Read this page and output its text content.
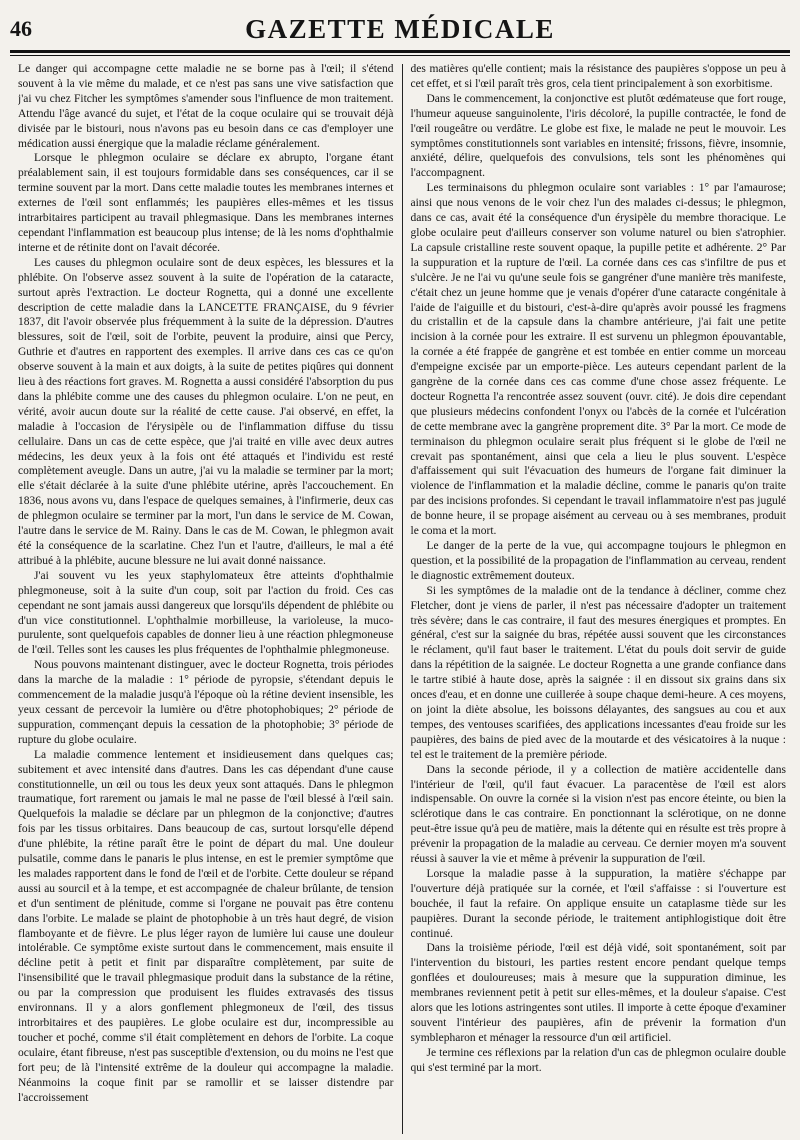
46	GAZETTE MÉDICALE

Le danger qui accompagne cette maladie ne se borne pas à l'œil; il s'étend souvent à la vie même du malade, et ce n'est pas sans une vive satisfaction que j'ai vu chez Fitcher les symptômes s'amender sous l'influence de mon traitement. Attendu l'âge avancé du sujet, et l'état de la coque oculaire qui se trouvait déjà divisée par le bistouri, nous n'avons pas eu besoin dans ce cas d'employer une médication aussi énergique que la maladie réclame généralement.

Lorsque le phlegmon oculaire se déclare ex abrupto, l'organe étant préalablement sain, il est toujours formidable dans ses conséquences, car il se termine souvent par la mort. Dans cette maladie toutes les membranes internes et externes de l'œil sont enflammés; les paupières elles-mêmes et les tissus intrarbitaires participent au travail phlegmasique. Dans les membranes internes cependant l'inflammation est beaucoup plus intense; de là les noms d'ophthalmie interne et de rétinite dont on l'avait décorée.

Les causes du phlegmon oculaire sont de deux espèces, les blessures et la phlébite. On l'observe assez souvent à la suite de l'opération de la cataracte, surtout après l'extraction. Le docteur Rognetta, qui a donné une excellente description de cette maladie dans la LANCETTE FRANÇAISE, du 9 février 1837, dit l'avoir observée plus fréquemment à la suite de la dépression. D'autres blessures, soit de l'œil, soit de l'orbite, peuvent la produire, ainsi que Percy, Guthrie et d'autres en rapportent des exemples. Il arrive dans ces cas ce qu'on observe souvent à la main et aux doigts, à la suite de petites piqûres qui donnent lieu à des réactions fort graves. M. Rognetta a aussi considéré l'absorption du pus dans la phlébite comme une des causes du phlegmon oculaire. L'on ne peut, en vérité, avoir aucun doute sur la réalité de cette cause. J'ai observé, en effet, la maladie à l'occasion de l'érysipèle ou de l'inflammation diffuse du tissu cellulaire. Dans un cas de cette espèce, que j'ai traité en ville avec deux autres médecins, les deux yeux à la fois ont été attaqués et l'individu est resté complètement aveugle. Dans un autre, j'ai vu la maladie se terminer par la mort; elle s'était déclarée à la suite d'une phlébite utérine, après l'accouchement. En 1836, nous avons vu, dans l'espace de quelques semaines, à l'infirmerie, deux cas de phlegmon oculaire se terminer par la mort, l'un dans le service de M. Cowan, l'autre dans le service de M. Rainy. Dans le cas de M. Cowan, le phlegmon avait été la conséquence de la scarlatine. Chez l'un et l'autre, d'ailleurs, le mal a été attribué à la phlébite, aucune blessure ne lui avait donné naissance.

J'ai souvent vu les yeux staphylomateux être atteints d'ophthalmie phlegmoneuse, soit à la suite d'un coup, soit par l'action du froid. Ces cas cependant ne sont jamais aussi dangereux que lorsqu'ils dépendent de phlébite ou d'un vice constitutionnel. L'ophthalmie morbilleuse, la varioleuse, la muco-purulente, sont quelquefois capables de donner lieu à une réaction phlegmoneuse de l'œil. Telles sont les causes les plus fréquentes de l'ophthalmie phlegmoneuse.

Nous pouvons maintenant distinguer, avec le docteur Rognetta, trois périodes dans la marche de la maladie : 1° période de pyropsie, s'étendant depuis le commencement de la maladie jusqu'à l'époque où la rétine devient insensible, les yeux cessant de percevoir la lumière ou d'être photophobiques; 2° période de suppuration, commençant depuis la cessation de la photophobie; 3° période de rupture du globe oculaire.

La maladie commence lentement et insidieusement dans quelques cas; subitement et avec intensité dans d'autres. Dans les cas dépendant d'une cause constitutionnelle, un œil ou tous les deux yeux sont attaqués. Dans le phlegmon traumatique, fort rarement ou jamais le mal ne passe de l'œil blessé à l'œil sain. Quelquefois la maladie se déclare par un phlegmon de la conjonctive; d'autres fois par les tissus orbitaires. Dans beaucoup de cas, surtout lorsqu'elle dépend d'une phlébite, la rétine paraît être le point de départ du mal. Une douleur pulsatile, comme dans le panaris le plus intense, en est le premier symptôme que les malades rapportent dans le fond de l'œil et de l'orbite. Cette douleur se répand aussi au sourcil et à la tempe, et est accompagnée de chaleur brûlante, de tension et d'un sentiment de plénitude, comme si l'organe ne pouvait pas être contenu dans l'orbite. Le malade se plaint de photophobie à un très haut degré, de vision flamboyante et de fièvre. Le plus léger rayon de lumière lui cause une douleur intolérable. Ce symptôme existe surtout dans le commencement, mais ensuite il décline petit à petit et finit par disparaître complètement, par suite de l'insensibilité que le travail phlegmasique produit dans la substance de la rétine, ou par la compression que produisent les fluides extravasés des tissus environnans. Il y a alors gonflement phlegmoneux de l'œil, des tissus introrbitaires et des paupières. Le globe oculaire est dur, incompressible au toucher et poché, comme s'il était complètement en dehors de l'orbite. La coque oculaire, étant fibreuse, n'est pas susceptible d'extension, ou du moins ne l'est que fort peu; de là l'intensité extrême de la douleur qui accompagne la maladie. Néanmoins la coque finit par se ramollir et se laisser distendre par l'accroissement

des matières qu'elle contient; mais la résistance des paupières s'oppose un peu à cet effet, et si l'œil paraît très gros, cela tient principalement à son exorbitisme.

Dans le commencement, la conjonctive est plutôt œdémateuse que fort rouge, l'humeur aqueuse sanguinolente, l'iris décoloré, la pupille contractée, le fond de l'œil rougeâtre ou verdâtre. Le globe est fixe, le malade ne peut le mouvoir. Les symptômes constitutionnels sont variables en intensité; frissons, fièvre, insomnie, anxiété, délire, quelquefois des convulsions, tels sont les phénomènes qui l'accompagnent.

Les terminaisons du phlegmon oculaire sont variables : 1° par l'amaurose; ainsi que nous venons de le voir chez l'un des malades ci-dessus; le phlegmon, dans ce cas, avait été la conséquence d'un érysipèle du membre thoracique. Le globe oculaire peut d'ailleurs conserver son volume naturel ou bien s'atrophier. La capsule cristalline reste souvent opaque, la pupille petite et adhérente. 2° Par la suppuration et la rupture de l'œil. La cornée dans ces cas s'infiltre de pus et s'ulcère. Je ne l'ai vu qu'une seule fois se gangréner d'une manière très manifeste, c'était chez un jeune homme que je venais d'opérer d'une cataracte congénitale à l'aide de l'aiguille et du bistouri, c'est-à-dire qu'après avoir poussé les fragmens du cristallin et de la capsule dans la chambre antérieure, j'ai fait une petite incision à la cornée pour les extraire. Il est survenu un phlegmon épouvantable, la cornée a été frappée de gangrène et est tombée en entier comme un morceau d'empeigne excisée par un emporte-pièce. Les auteurs cependant parlent de la gangrène de la cornée dans ces cas comme d'une chose assez fréquente. Le docteur Rognetta l'a rencontrée assez souvent (ouvr. cité). Je dois dire cependant que plusieurs médecins confondent l'onyx ou l'abcès de la cornée et l'ulcération de cette membrane avec la gangrène proprement dite. 3° Par la mort. Ce mode de terminaison du phlegmon oculaire serait plus fréquent si le globe de l'œil ne crevait pas spontanément, ainsi que cela a lieu le plus souvent. L'espèce d'affaissement qui suit l'évacuation des humeurs de l'organe fait diminuer la violence de l'inflammation et la maladie décline, comme le panaris qu'on traite par des incisions profondes. Si cependant le travail inflammatoire n'est pas jugulé de bonne heure, il se propage aisément au cerveau ou à ses membranes, produit le coma et la mort.

Le danger de la perte de la vue, qui accompagne toujours le phlegmon en question, et la possibilité de la propagation de l'inflammation au cerveau, rendent le diagnostic extrêmement douteux.

Si les symptômes de la maladie ont de la tendance à décliner, comme chez Fletcher, dont je viens de parler, il n'est pas nécessaire d'adopter un traitement très sévère; dans le cas contraire, il faut des mesures énergiques et promptes. En général, c'est sur la saignée du bras, répétée aussi souvent que les circonstances le réclament, qu'il faut baser le traitement. L'état du pouls doit servir de guide dans la répétition de la saignée. Le docteur Rognetta a une grande confiance dans le tartre stibié à haute dose, après la saignée : il en dissout six grains dans six onces d'eau, et en donne une cuillerée à soupe chaque demi-heure. A ces moyens, on joint la diète absolue, les boissons délayantes, des sangsues au cou et aux tempes, des ventouses scarifiées, des applications incessantes d'eau froide sur les paupières, des bains de pied avec de la moutarde et des vésicatoires à la nuque : tel est le traitement de la première période.

Dans la seconde période, il y a collection de matière accidentelle dans l'intérieur de l'œil, qu'il faut évacuer. La paracentèse de l'œil est alors indispensable. On ouvre la cornée si la vision n'est pas encore éteinte, ou bien la sclérotique dans le cas contraire. En ponctionnant la sclérotique, on ne donne peut-être issue qu'à peu de matière, mais la détente qui en résulte est très propre à prévenir la propagation de la maladie au cerveau. Ce dernier moyen m'a souvent réussi à sauver la vie et même à prévenir la suppuration de l'œil.

Lorsque la maladie passe à la suppuration, la matière s'échappe par l'ouverture déjà pratiquée sur la cornée, et l'œil s'affaisse : si l'ouverture est bouchée, il faut la refaire. On applique ensuite un cataplasme tiède sur les paupières. Durant la seconde période, le traitement antiphlogistique doit être continué.

Dans la troisième période, l'œil est déjà vidé, soit spontanément, soit par l'intervention du bistouri, les parties restent encore pendant quelque temps gonflées et douloureuses; mais à mesure que la suppuration diminue, les membranes reviennent petit à petit sur elles-mêmes, et la douleur s'apaise. C'est alors que les lotions astringentes sont utiles. Il importe à cette époque d'examiner souvent l'intérieur des paupières, afin de prévenir la formation d'un symblepharon et ménager la ressource d'un œil artificiel.

Je termine ces réflexions par la relation d'un cas de phlegmon oculaire double qui s'est terminé par la mort.
